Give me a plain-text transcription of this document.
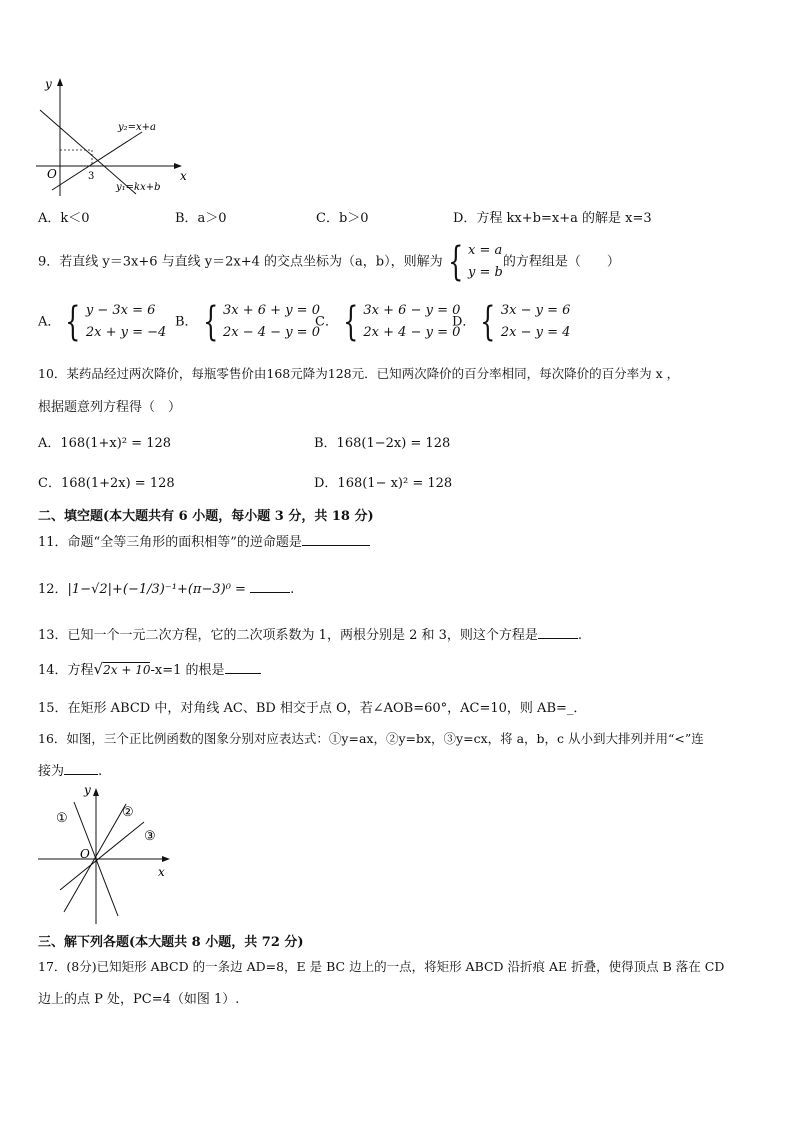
y
x
O	3
y₂=x+a
y₁=kx+b
A．k＜0	B．a＞0	C．b＞0	D．方程 kx+b=x+a 的解是 x=3
9．若直线 y＝3x+6 与直线 y＝2x+4 的交点坐标为（a，b），则解为 { x = a
y = b的方程组是（　　）
A． { y − 3x = 6
2x + y = −4
B． { 3x + 6 + y = 0
2x − 4 − y = 0
C． { 3x + 6 − y = 0
2x + 4 − y = 0
D． { 3x − y = 6
2x − y = 4
10．某药品经过两次降价，每瓶零售价由168元降为128元．已知两次降价的百分率相同，每次降价的百分率为 x ，
根据题意列方程得（　）
A．168(1+x)² = 128	B．168(1−2x) = 128
C．168(1+2x) = 128	D．168(1− x)² = 128
二、填空题(本大题共有 6 小题，每小题 3 分，共 18 分)
11．命题“全等三角形的面积相等”的逆命题是
12．|1−√2|+(−1/3)⁻¹+(π−3)⁰ =	.
13．已知一个一元二次方程，它的二次项系数为 1，两根分别是 2 和 3，则这个方程是	.
14．方程√2x + 10-x=1 的根是
15．在矩形 ABCD 中，对角线 AC、BD 相交于点 O，若∠AOB=60°，AC=10，则 AB=_．
16．如图，三个正比例函数的图象分别对应表达式：①y=ax，②y=bx，③y=cx，将 a，b，c 从小到大排列并用“<”连
接为	.
y
x
O
①	②
③
三、解下列各题(本大题共 8 小题，共 72 分)
17．(8分)已知矩形 ABCD 的一条边 AD=8，E 是 BC 边上的一点，将矩形 ABCD 沿折痕 AE 折叠，使得顶点 B 落在 CD
边上的点 P 处，PC=4（如图 1）.
